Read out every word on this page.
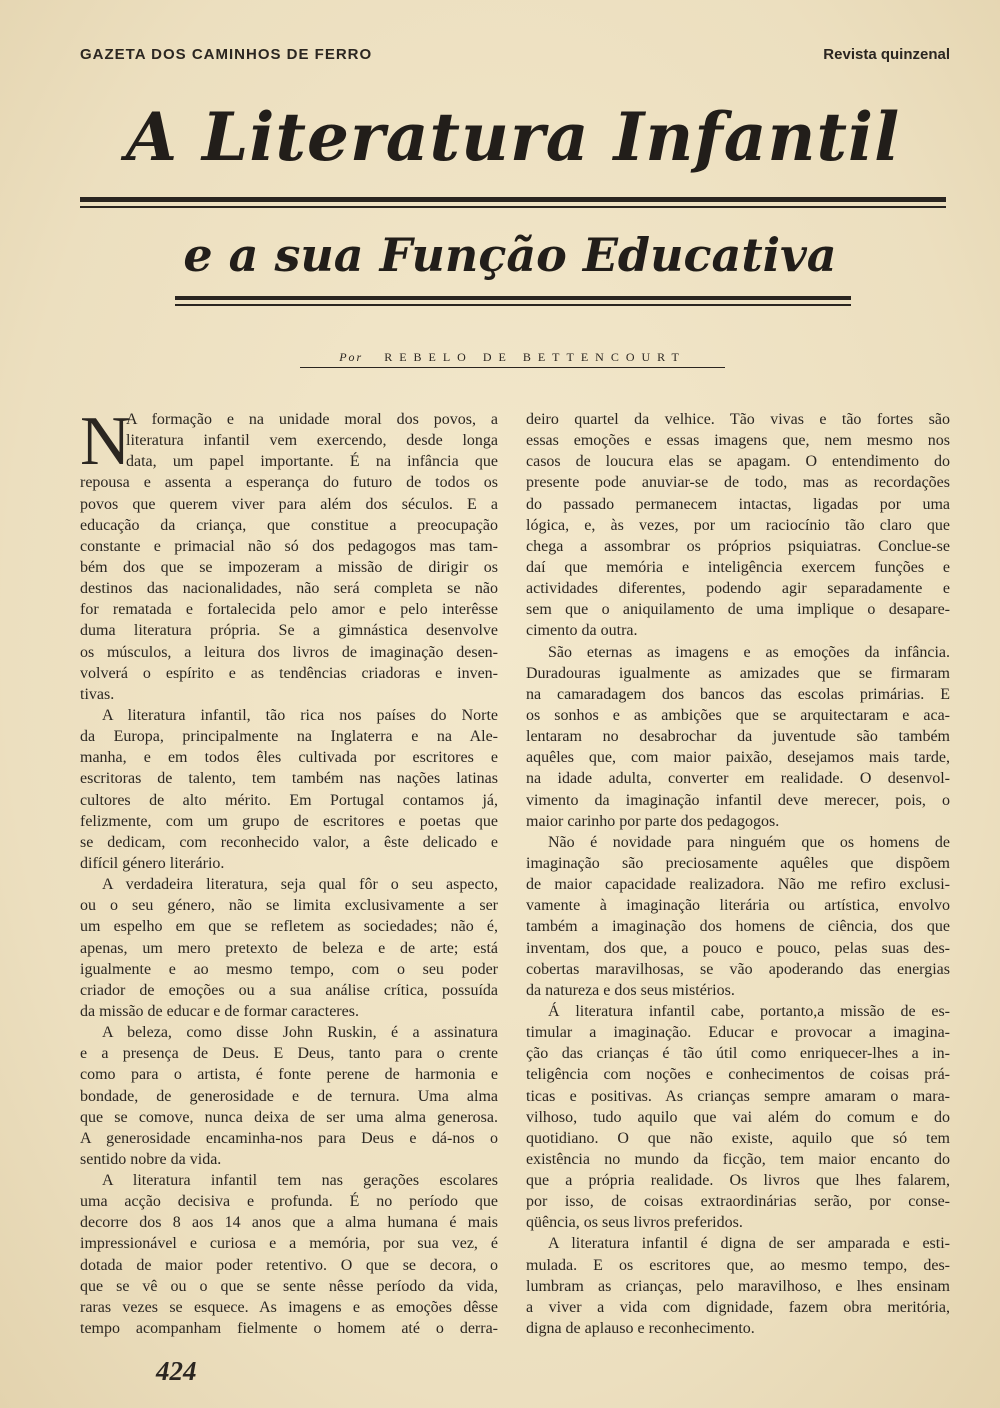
GAZETA DOS CAMINHOS DE FERRO	Revista quinzenal
A Literatura Infantil
e a sua Função Educativa
Por REBELO DE BETTENCOURT
N
A formação e na unidade moral dos povos, a
literatura infantil vem exercendo, desde longa
data, um papel importante. É na infância que
repousa e assenta a esperança do futuro de todos os
povos que querem viver para além dos séculos. E a
educação da criança, que constitue a preocupação
constante e primacial não só dos pedagogos mas tam-
bém dos que se impozeram a missão de dirigir os
destinos das nacionalidades, não será completa se não
for rematada e fortalecida pelo amor e pelo interêsse
duma literatura própria. Se a gimnástica desenvolve
os músculos, a leitura dos livros de imaginação desen-
volverá o espírito e as tendências criadoras e inven-
tivas.
A literatura infantil, tão rica nos países do Norte
da Europa, principalmente na Inglaterra e na Ale-
manha, e em todos êles cultivada por escritores e
escritoras de talento, tem também nas nações latinas
cultores de alto mérito. Em Portugal contamos já,
felizmente, com um grupo de escritores e poetas que
se dedicam, com reconhecido valor, a êste delicado e
difícil género literário.
A verdadeira literatura, seja qual fôr o seu aspecto,
ou o seu género, não se limita exclusivamente a ser
um espelho em que se refletem as sociedades; não é,
apenas, um mero pretexto de beleza e de arte; está
igualmente e ao mesmo tempo, com o seu poder
criador de emoções ou a sua análise crítica, possuída
da missão de educar e de formar caracteres.
A beleza, como disse John Ruskin, é a assinatura
e a presença de Deus. E Deus, tanto para o crente
como para o artista, é fonte perene de harmonia e
bondade, de generosidade e de ternura. Uma alma
que se comove, nunca deixa de ser uma alma generosa.
A generosidade encaminha-nos para Deus e dá-nos o
sentido nobre da vida.
A literatura infantil tem nas gerações escolares
uma acção decisiva e profunda. É no período que
decorre dos 8 aos 14 anos que a alma humana é mais
impressionável e curiosa e a memória, por sua vez, é
dotada de maior poder retentivo. O que se decora, o
que se vê ou o que se sente nêsse período da vida,
raras vezes se esquece. As imagens e as emoções dêsse
tempo acompanham fielmente o homem até o derra-
deiro quartel da velhice. Tão vivas e tão fortes são
essas emoções e essas imagens que, nem mesmo nos
casos de loucura elas se apagam. O entendimento do
presente pode anuviar-se de todo, mas as recordações
do passado permanecem intactas, ligadas por uma
lógica, e, às vezes, por um raciocínio tão claro que
chega a assombrar os próprios psiquiatras. Conclue-se
daí que memória e inteligência exercem funções e
actividades diferentes, podendo agir separadamente e
sem que o aniquilamento de uma implique o desapare-
cimento da outra.
São eternas as imagens e as emoções da infância.
Duradouras igualmente as amizades que se firmaram
na camaradagem dos bancos das escolas primárias. E
os sonhos e as ambições que se arquitectaram e aca-
lentaram no desabrochar da juventude são também
aquêles que, com maior paixão, desejamos mais tarde,
na idade adulta, converter em realidade. O desenvol-
vimento da imaginação infantil deve merecer, pois, o
maior carinho por parte dos pedagogos.
Não é novidade para ninguém que os homens de
imaginação são preciosamente aquêles que dispõem
de maior capacidade realizadora. Não me refiro exclusi-
vamente à imaginação literária ou artística, envolvo
também a imaginação dos homens de ciência, dos que
inventam, dos que, a pouco e pouco, pelas suas des-
cobertas maravilhosas, se vão apoderando das energias
da natureza e dos seus mistérios.
Á literatura infantil cabe, portanto,a missão de es-
timular a imaginação. Educar e provocar a imagina-
ção das crianças é tão útil como enriquecer-lhes a in-
teligência com noções e conhecimentos de coisas prá-
ticas e positivas. As crianças sempre amaram o mara-
vilhoso, tudo aquilo que vai além do comum e do
quotidiano. O que não existe, aquilo que só tem
existência no mundo da ficção, tem maior encanto do
que a própria realidade. Os livros que lhes falarem,
por isso, de coisas extraordinárias serão, por conse-
qüência, os seus livros preferidos.
A literatura infantil é digna de ser amparada e esti-
mulada. E os escritores que, ao mesmo tempo, des-
lumbram as crianças, pelo maravilhoso, e lhes ensinam
a viver a vida com dignidade, fazem obra meritória,
digna de aplauso e reconhecimento.
424
